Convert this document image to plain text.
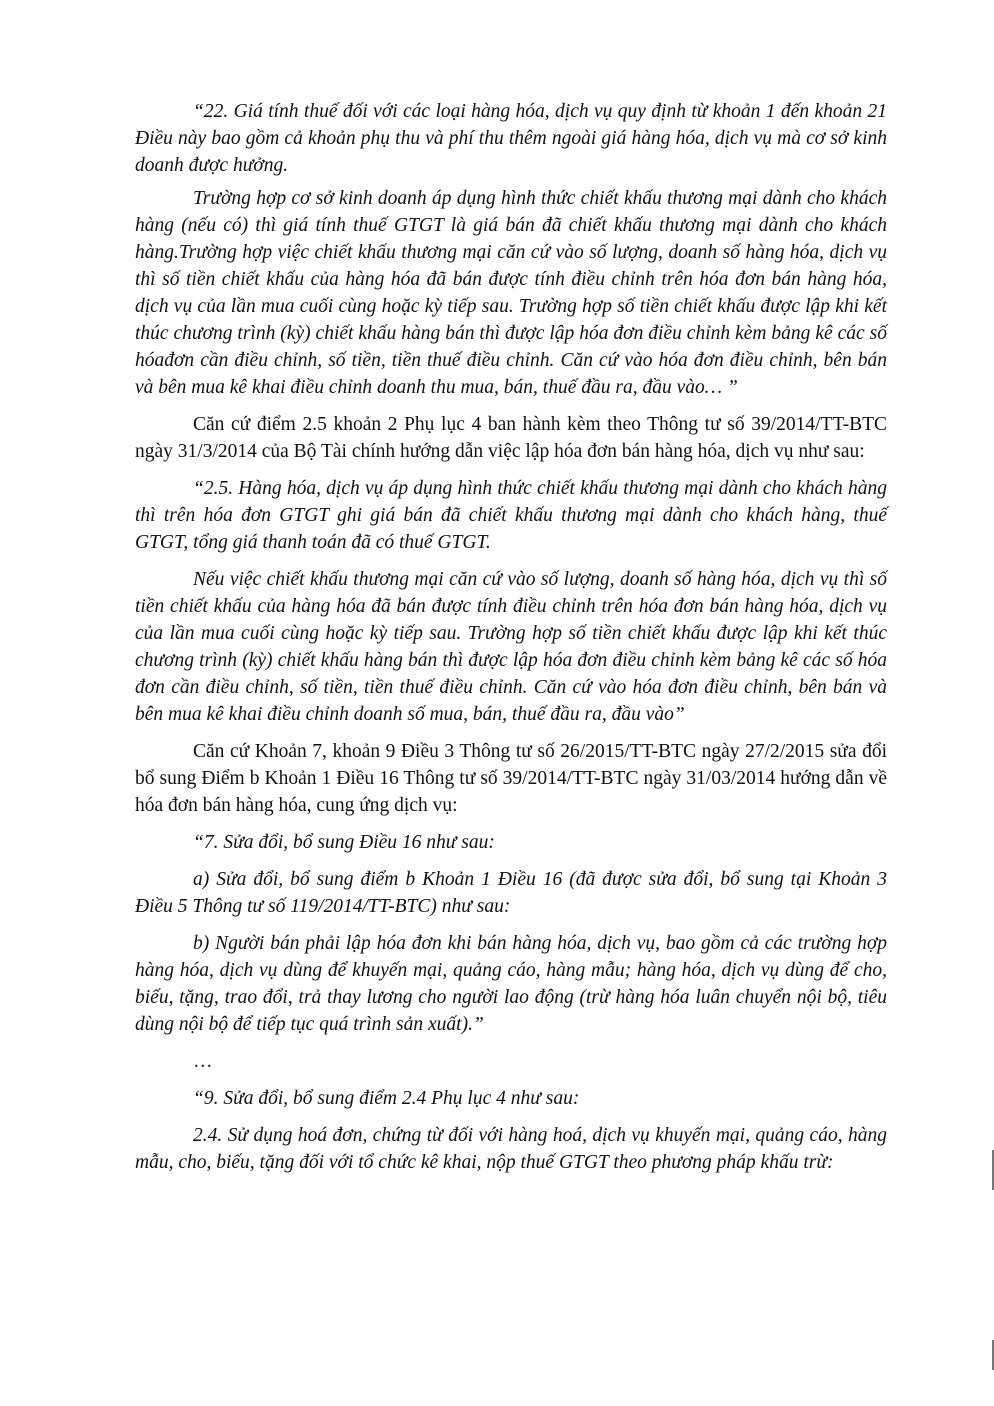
“22. Giá tính thuế đối với các loại hàng hóa, dịch vụ quy định từ khoản 1 đến khoản 21 Điều này bao gồm cả khoản phụ thu và phí thu thêm ngoài giá hàng hóa, dịch vụ mà cơ sở kinh doanh được hưởng.

Trường hợp cơ sở kinh doanh áp dụng hình thức chiết khấu thương mại dành cho khách hàng (nếu có) thì giá tính thuế GTGT là giá bán đã chiết khấu thương mại dành cho khách hàng.Trường hợp việc chiết khấu thương mại căn cứ vào số lượng, doanh số hàng hóa, dịch vụ thì số tiền chiết khấu của hàng hóa đã bán được tính điều chỉnh trên hóa đơn bán hàng hóa, dịch vụ của lần mua cuối cùng hoặc kỳ tiếp sau. Trường hợp số tiền chiết khấu được lập khi kết thúc chương trình (kỳ) chiết khấu hàng bán thì được lập hóa đơn điều chỉnh kèm bảng kê các số hóađơn cần điều chỉnh, số tiền, tiền thuế điều chỉnh. Căn cứ vào hóa đơn điều chỉnh, bên bán và bên mua kê khai điều chỉnh doanh thu mua, bán, thuế đầu ra, đầu vào… ”

Căn cứ điểm 2.5 khoản 2 Phụ lục 4 ban hành kèm theo Thông tư số 39/2014/TT-BTC ngày 31/3/2014 của Bộ Tài chính hướng dẫn việc lập hóa đơn bán hàng hóa, dịch vụ như sau:

“2.5. Hàng hóa, dịch vụ áp dụng hình thức chiết khấu thương mại dành cho khách hàng thì trên hóa đơn GTGT ghi giá bán đã chiết khấu thương mại dành cho khách hàng, thuế GTGT, tổng giá thanh toán đã có thuế GTGT.

Nếu việc chiết khấu thương mại căn cứ vào số lượng, doanh số hàng hóa, dịch vụ thì số tiền chiết khấu của hàng hóa đã bán được tính điều chỉnh trên hóa đơn bán hàng hóa, dịch vụ của lần mua cuối cùng hoặc kỳ tiếp sau. Trường hợp số tiền chiết khấu được lập khi kết thúc chương trình (kỳ) chiết khấu hàng bán thì được lập hóa đơn điều chỉnh kèm bảng kê các số hóa đơn cần điều chỉnh, số tiền, tiền thuế điều chỉnh. Căn cứ vào hóa đơn điều chỉnh, bên bán và bên mua kê khai điều chỉnh doanh số mua, bán, thuế đầu ra, đầu vào”

Căn cứ Khoản 7, khoản 9 Điều 3 Thông tư số 26/2015/TT-BTC ngày 27/2/2015 sửa đổi bổ sung Điểm b Khoản 1 Điều 16 Thông tư số 39/2014/TT-BTC ngày 31/03/2014 hướng dẫn về hóa đơn bán hàng hóa, cung ứng dịch vụ:

“7. Sửa đổi, bổ sung Điều 16 như sau:

a) Sửa đổi, bổ sung điểm b Khoản 1 Điều 16 (đã được sửa đổi, bổ sung tại Khoản 3 Điều 5 Thông tư số 119/2014/TT-BTC) như sau:

b) Người bán phải lập hóa đơn khi bán hàng hóa, dịch vụ, bao gồm cả các trường hợp hàng hóa, dịch vụ dùng để khuyến mại, quảng cáo, hàng mẫu; hàng hóa, dịch vụ dùng để cho, biếu, tặng, trao đổi, trả thay lương cho người lao động (trừ hàng hóa luân chuyển nội bộ, tiêu dùng nội bộ để tiếp tục quá trình sản xuất).”

…

“9. Sửa đổi, bổ sung điểm 2.4 Phụ lục 4 như sau:

2.4. Sử dụng hoá đơn, chứng từ đối với hàng hoá, dịch vụ khuyến mại, quảng cáo, hàng mẫu, cho, biếu, tặng đối với tổ chức kê khai, nộp thuế GTGT theo phương pháp khấu trừ:
